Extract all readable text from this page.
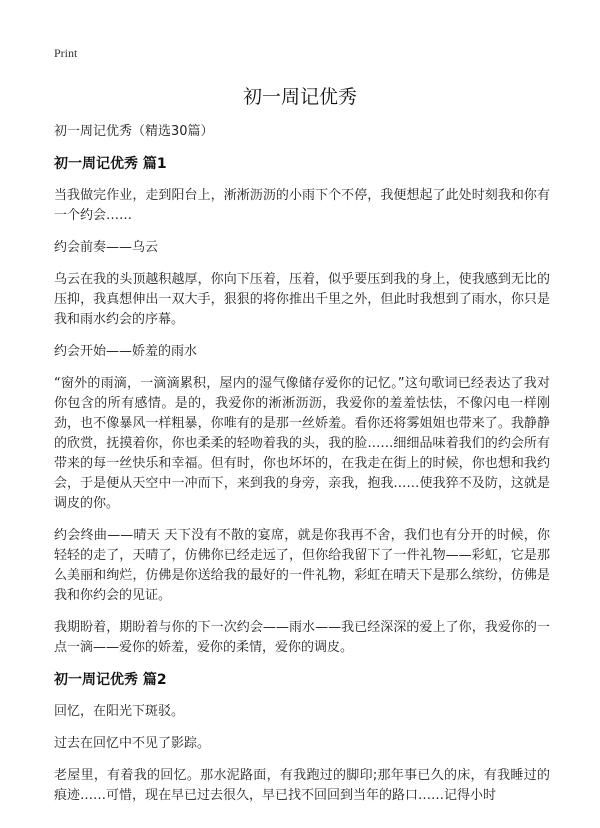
Print
初一周记优秀

初一周记优秀（精选30篇）

初一周记优秀 篇1

当我做完作业，走到阳台上，淅淅沥沥的小雨下个不停，我便想起了此处时刻我和你有一个约会……

约会前奏——乌云

乌云在我的头顶越积越厚，你向下压着，压着，似乎要压到我的身上，使我感到无比的压抑，我真想伸出一双大手，狠狠的将你推出千里之外，但此时我想到了雨水，你只是我和雨水约会的序幕。

约会开始——娇羞的雨水

“窗外的雨滴，一滴滴累积，屋内的湿气像储存爱你的记忆。”这句歌词已经表达了我对你包含的所有感情。是的，我爱你的淅淅沥沥，我爱你的羞羞怯怯，不像闪电一样刚劲，也不像暴风一样粗暴，你唯有的是那一丝娇羞。看你还将雾姐姐也带来了。我静静的欣赏，抚摸着你，你也柔柔的轻吻着我的头，我的脸……细细品味着我们的约会所有带来的每一丝快乐和幸福。但有时，你也坏坏的，在我走在街上的时候，你也想和我约会，于是便从天空中一冲而下，来到我的身旁，亲我，抱我……使我猝不及防，这就是调皮的你。

约会终曲——晴天 天下没有不散的宴席，就是你我再不舍，我们也有分开的时候，你轻轻的走了，天晴了，仿佛你已经走远了，但你给我留下了一件礼物——彩虹，它是那么美丽和绚烂，仿佛是你送给我的最好的一件礼物，彩虹在晴天下是那么缤纷，仿佛是我和你约会的见证。

我期盼着，期盼着与你的下一次约会——雨水——我已经深深的爱上了你，我爱你的一点一滴——爱你的娇羞，爱你的柔情，爱你的调皮。

初一周记优秀 篇2

回忆，在阳光下斑驳。

过去在回忆中不见了影踪。

老屋里，有着我的回忆。那水泥路面，有我跑过的脚印;那年事已久的床，有我睡过的痕迹……可惜，现在早已过去很久，早已找不回回到当年的路口……记得小时
